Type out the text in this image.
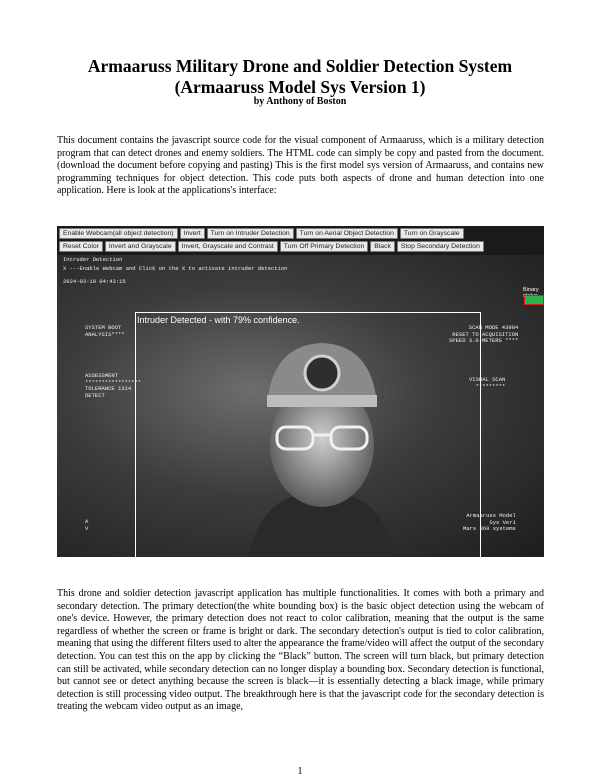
Armaaruss Military Drone and Soldier Detection System
(Armaaruss Model Sys Version 1)
by Anthony of Boston

This document contains the javascript source code for the visual component of Armaaruss, which is a military detection program that can detect drones and enemy soldiers. The HTML code can simply be copy and pasted from the document. (download the document before copying and pasting) This is the first model sys version of Armaaruss, and contains new programming techniques for object detection. This code puts both aspects of drone and human detection into one application. Here is look at the applications's interface:

Enable Webcam(all object detection)	Invert	Turn on Intruder Detection	Turn on Aerial Object Detection	Turn on Grayscale
Reset Color	Invert and Grayscale	Invert, Grayscale and Contrast	Turn Off Primary Detection	Black	Stop Secondary Detection
Intruder Detection
X ---Enable Webcam and Click on the X to activate intruder detection
2024-03-19 04:43:15
SYSTEM BOOT
ANALYSIS****
ASSESSMENT
*****************
TOLERANCE 1314
DETECT
A
V
SCAN MODE 43984
RESET TO ACQUISITION
SPEED 3.0 METERS ****
VISUAL SCAN
*********
Armaaruss Model
Sys Ver1
Mars 360 systems
Intruder Detected - with 79% confidence.
Binary

This drone and soldier detection javascript application has multiple functionalities. It comes with both a primary and secondary detection. The primary detection(the white bounding box) is the basic object detection using the webcam of one's device. However, the primary detection does not react to color calibration, meaning that the output is the same regardless of whether the screen or frame is bright or dark. The secondary detection's output is tied to color calibration, meaning that using the different filters used to alter the appearance the frame/video will affect the output of the secondary detection. You can test this on the app by clicking the “Black” button. The screen will turn black, but primary detection can still be activated, while secondary detection can no longer display a bounding box. Secondary detection is functional, but cannot see or detect anything because the screen is black—it is essentially detecting a black image, while primary detection is still processing video output. The breakthrough here is that the javascript code for the secondary detection is treating the webcam video output as an image,

1
